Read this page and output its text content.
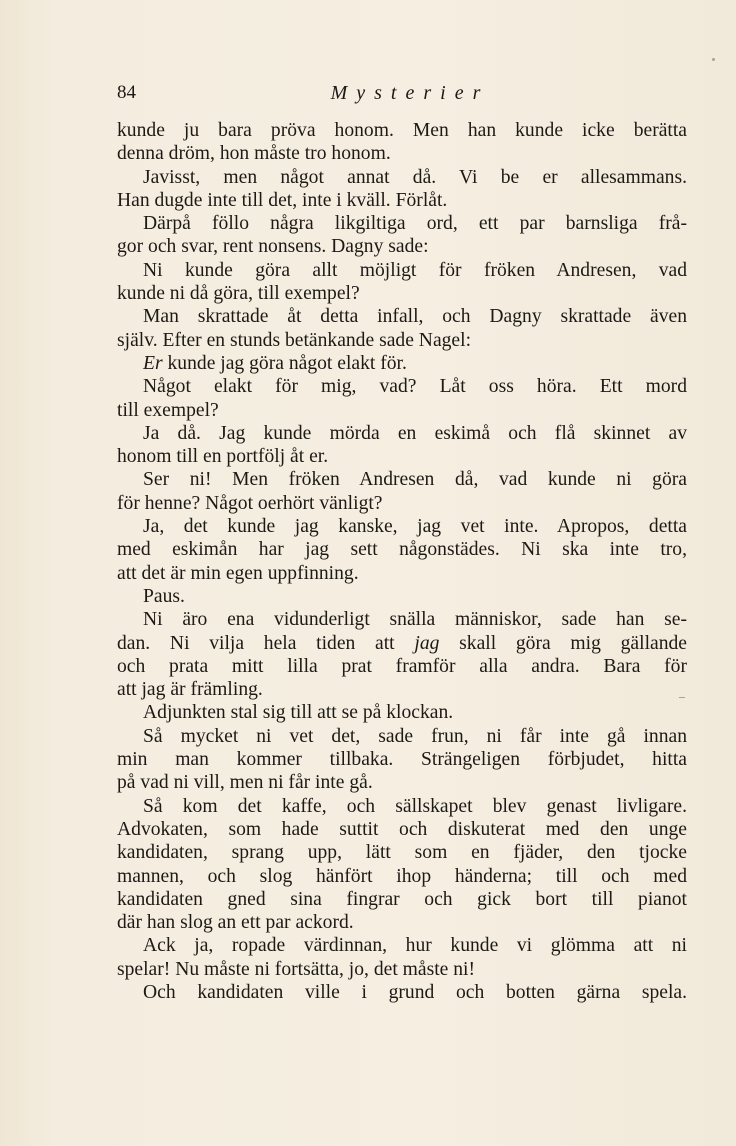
84	Mysterier
kunde ju bara pröva honom. Men han kunde icke berätta
denna dröm, hon måste tro honom.
Javisst, men något annat då. Vi be er allesammans.
Han dugde inte till det, inte i kväll. Förlåt.
Därpå föllo några likgiltiga ord, ett par barnsliga frå-
gor och svar, rent nonsens. Dagny sade:
Ni kunde göra allt möjligt för fröken Andresen, vad
kunde ni då göra, till exempel?
Man skrattade åt detta infall, och Dagny skrattade även
själv. Efter en stunds betänkande sade Nagel:
Er kunde jag göra något elakt för.
Något elakt för mig, vad? Låt oss höra. Ett mord
till exempel?
Ja då. Jag kunde mörda en eskimå och flå skinnet av
honom till en portfölj åt er.
Ser ni! Men fröken Andresen då, vad kunde ni göra
för henne? Något oerhört vänligt?
Ja, det kunde jag kanske, jag vet inte. Apropos, detta
med eskimån har jag sett någonstädes. Ni ska inte tro,
att det är min egen uppfinning.
Paus.
Ni äro ena vidunderligt snälla människor, sade han se-
dan. Ni vilja hela tiden att jag skall göra mig gällande
och prata mitt lilla prat framför alla andra. Bara för
att jag är främling.
Adjunkten stal sig till att se på klockan.
Så mycket ni vet det, sade frun, ni får inte gå innan
min man kommer tillbaka. Strängeligen förbjudet, hitta
på vad ni vill, men ni får inte gå.
Så kom det kaffe, och sällskapet blev genast livligare.
Advokaten, som hade suttit och diskuterat med den unge
kandidaten, sprang upp, lätt som en fjäder, den tjocke
mannen, och slog hänfört ihop händerna; till och med
kandidaten gned sina fingrar och gick bort till pianot
där han slog an ett par ackord.
Ack ja, ropade värdinnan, hur kunde vi glömma att ni
spelar! Nu måste ni fortsätta, jo, det måste ni!
Och kandidaten ville i grund och botten gärna spela.
